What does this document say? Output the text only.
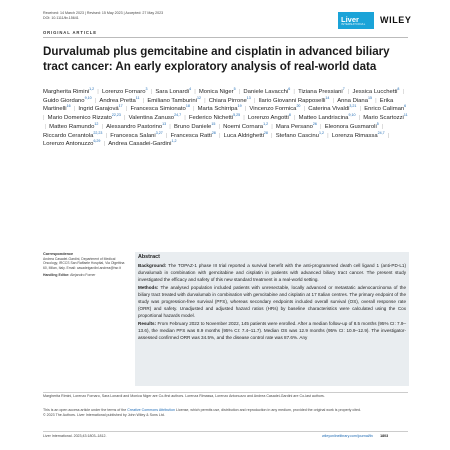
Received: 14 March 2023 | Revised: 15 May 2023 | Accepted: 27 May 2023
DOI: 10.1111/liv.15641	Liver
INTERNATIONAL WILEY
ORIGINAL ARTICLE
Durvalumab plus gemcitabine and cisplatin in advanced biliary tract cancer: An early exploratory analysis of real-world data
Margherita Rimini$^{1,2}$ | Lorenzo Fornaro$^3$ | Sara Lonardi$^4$ | Monica Niger$^5$ | Daniele Lavacchi$^6$ | Tiziana Pressiani$^7$ | Jessica Lucchetti$^8$ | Guido Giordano$^{9,10}$ | Andrea Pretta$^{11}$ | Emiliano Tamburini$^{12}$ | Chiara Pirrone$^{13}$ | Ilario Giovanni Rapposelli$^{14}$ | Anna Diana$^{15}$ | Erika Martinelli$^{16}$ | Ingrid Garajová$^{17}$ | Francesca Simionato$^{18}$ | Marta Schirripa$^{19}$ | Vincenzo Formica$^{20}$ | Caterina Vivaldi$^{3,21}$ | Enrico Caliman$^6$ | Mario Domenico Rizzato$^{22,23}$ | Valentina Zanuso$^{24,7}$ | Federico Nichetti$^{5,25}$ | Lorenzo Angotti$^8$ | Matteo Landriscina$^{9,10}$ | Mario Scartozzi$^{11}$ | Matteo Ramundo$^{12}$ | Alessandro Pastorino$^{13}$ | Bruno Daniele$^{15}$ | Noemi Cornara$^{1,2}$ | Mara Persano$^{26}$ | Eleonora Gusmaroli$^5$ | Riccardo Cerantola$^{22,23}$ | Francesca Salani$^{3,27}$ | Francesca Ratti$^{28}$ | Luca Aldrighetti$^{28}$ | Stefano Cascinu$^{1,2}$ | Lorenza Rimassa$^{24,7}$ | Lorenzo Antonuzzo$^{6,29}$ | Andrea Casadei-Gardini$^{1,2}$
Correspondence
Andrea Casadei-Gardini, Department of Medical Oncology, IRCCS San Raffaele Hospital, Via Olgettina 60, Milan, Italy. Email: casadeigardini.andrea@hsr.it
Handling Editor: Alejandro Forner
Abstract

Background: The TOPAZ-1 phase III trial reported a survival benefit with the anti-programmed death cell ligand 1 (anti-PD-L1) durvalumab in combination with gemcitabine and cisplatin in patients with advanced biliary tract cancer. The present study investigated the efficacy and safety of this new standard treatment in a real-world setting.

Methods: The analysed population included patients with unresectable, locally advanced or metastatic adenocarcinoma of the biliary tract treated with durvalumab in combination with gemcitabine and cisplatin at 17 Italian centres. The primary endpoint of the study was progression-free survival (PFS), whereas secondary endpoints included overall survival (OS), overall response rate (ORR) and safety. Unadjusted and adjusted hazard ratios (HRs) by baseline characteristics were calculated using the Cox proportional hazards model.

Results: From February 2022 to November 2022, 145 patients were enrolled. After a median follow-up of 8.5 months (95% CI: 7.9–13.6), the median PFS was 8.9 months (95% CI: 7.4–11.7). Median OS was 12.9 months (95% CI: 10.9–12.9). The investigator-assessed confirmed ORR was 34.5%, and the disease control rate was 87.6%. Any

Margherita Rimini, Lorenzo Fornaro, Sara Lonardi and Monica Niger are Co-first authors. Lorenza Rimassa, Lorenzo Antonuzzo and Andrea Casadei-Gardini are Co-last authors.
This is an open access article under the terms of the Creative Commons Attribution License, which permits use, distribution and reproduction in any medium, provided the original work is properly cited.
© 2023 The Authors. Liver International published by John Wiley & Sons Ltd.
Liver International. 2023;43:1803–1812.	wileyonlinelibrary.com/journal/liv 1803
